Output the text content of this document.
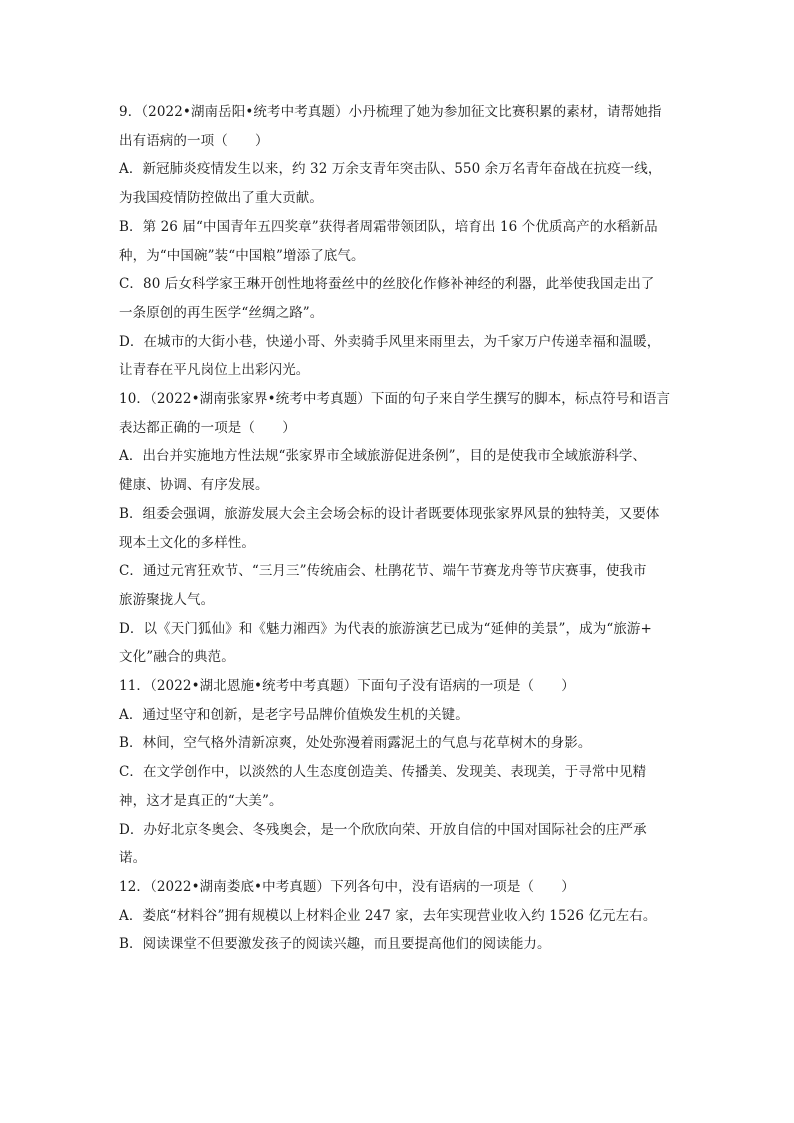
9．（2022•湖南岳阳•统考中考真题）小丹梳理了她为参加征文比赛积累的素材，请帮她指
出有语病的一项（　　）
A．新冠肺炎疫情发生以来，约 32 万余支青年突击队、550 余万名青年奋战在抗疫一线，
为我国疫情防控做出了重大贡献。
B．第 26 届“中国青年五四奖章”获得者周霜带领团队，培育出 16 个优质高产的水稻新品
种，为“中国碗”装“中国粮”增添了底气。
C．80 后女科学家王琳开创性地将蚕丝中的丝胶化作修补神经的利器，此举使我国走出了
一条原创的再生医学“丝绸之路”。
D．在城市的大街小巷，快递小哥、外卖骑手风里来雨里去，为千家万户传递幸福和温暖，
让青春在平凡岗位上出彩闪光。
10．（2022•湖南张家界•统考中考真题）下面的句子来自学生撰写的脚本，标点符号和语言
表达都正确的一项是（　　）
A．出台并实施地方性法规“张家界市全域旅游促进条例”，目的是使我市全域旅游科学、
健康、协调、有序发展。
B．组委会强调，旅游发展大会主会场会标的设计者既要体现张家界风景的独特美，又要体
现本土文化的多样性。
C．通过元宵狂欢节、“三月三”传统庙会、杜鹃花节、端午节赛龙舟等节庆赛事，使我市
旅游聚拢人气。
D．以《天门狐仙》和《魅力湘西》为代表的旅游演艺已成为“延伸的美景”，成为“旅游+
文化”融合的典范。
11．（2022•湖北恩施•统考中考真题）下面句子没有语病的一项是（　　）
A．通过坚守和创新，是老字号品牌价值焕发生机的关键。
B．林间，空气格外清新凉爽，处处弥漫着雨露泥土的气息与花草树木的身影。
C．在文学创作中，以淡然的人生态度创造美、传播美、发现美、表现美，于寻常中见精
神，这才是真正的“大美”。
D．办好北京冬奥会、冬残奥会，是一个欣欣向荣、开放自信的中国对国际社会的庄严承
诺。
12．（2022•湖南娄底•中考真题）下列各句中，没有语病的一项是（　　）
A．娄底“材料谷”拥有规模以上材料企业 247 家，去年实现营业收入约 1526 亿元左右。
B．阅读课堂不但要激发孩子的阅读兴趣，而且要提高他们的阅读能力。
